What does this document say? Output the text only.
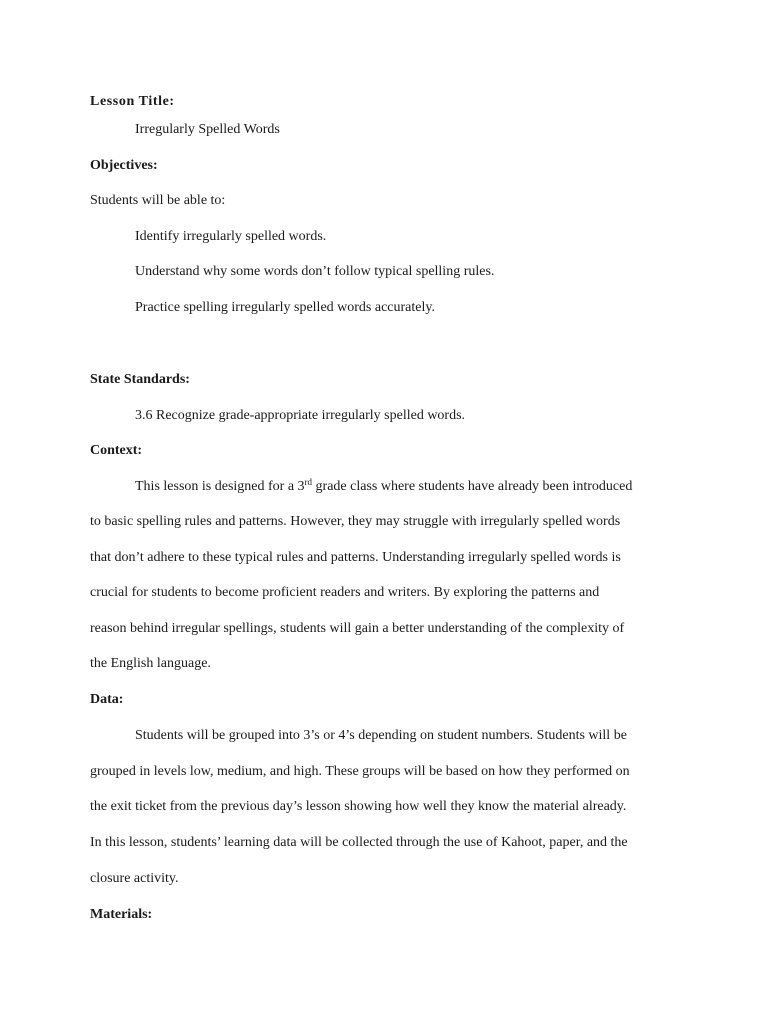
Lesson Title:
Irregularly Spelled Words
Objectives:
Students will be able to:
Identify irregularly spelled words.
Understand why some words don’t follow typical spelling rules.
Practice spelling irregularly spelled words accurately.
State Standards:
3.6 Recognize grade-appropriate irregularly spelled words.
Context:
This lesson is designed for a 3rd grade class where students have already been introduced
to basic spelling rules and patterns. However, they may struggle with irregularly spelled words
that don’t adhere to these typical rules and patterns. Understanding irregularly spelled words is
crucial for students to become proficient readers and writers. By exploring the patterns and
reason behind irregular spellings, students will gain a better understanding of the complexity of
the English language.
Data:
Students will be grouped into 3’s or 4’s depending on student numbers. Students will be
grouped in levels low, medium, and high. These groups will be based on how they performed on
the exit ticket from the previous day’s lesson showing how well they know the material already.
In this lesson, students’ learning data will be collected through the use of Kahoot, paper, and the
closure activity.
Materials:
